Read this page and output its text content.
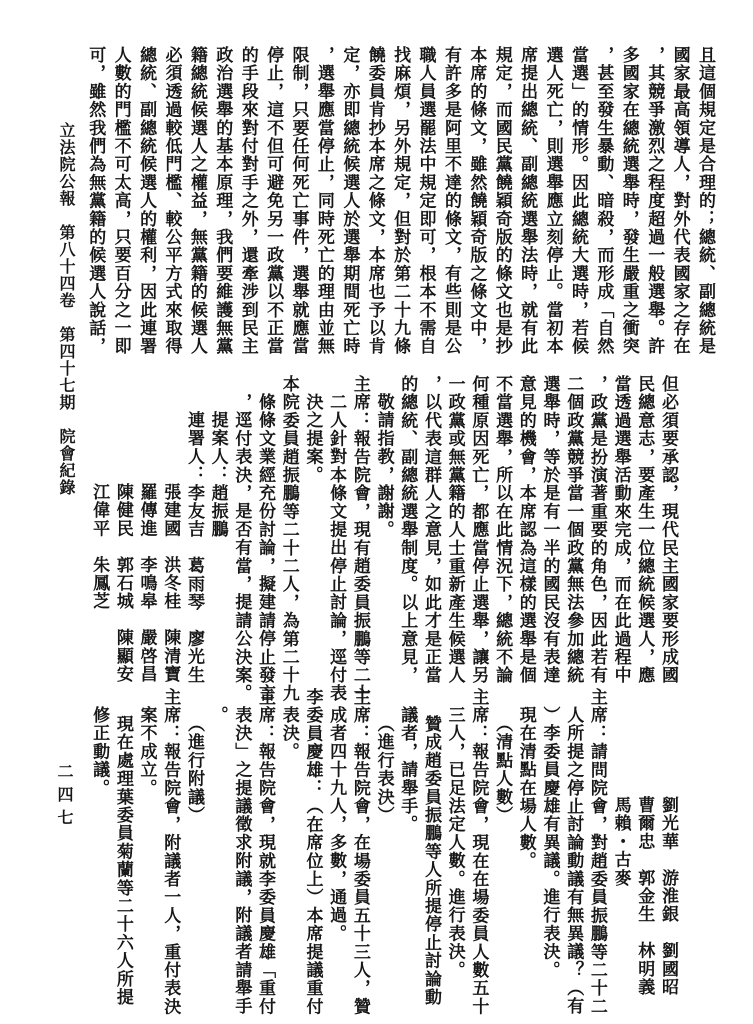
立法院公報　第八十四卷　第四十七期　院會紀錄
二四七

且這個規定是合理的；總統、副總統是

國家最高領導人，對外代表國家之存在

，其競爭激烈之程度超過一般選舉。許

多國家在總統選舉時，發生嚴重之衝突

，甚至發生暴動、暗殺，而形成「自然

當選」的情形。因此總統大選時，若候

選人死亡，則選舉應立刻停止。當初本

席提出總統、副總統選舉法時，就有此

規定，而國民黨饒穎奇版的條文也是抄

本席的條文，雖然饒穎奇版之條文中，

有許多是阿里不達的條文，有些則是公

職人員選罷法中規定即可，根本不需自

找麻煩，另外規定，但對於第二十九條

饒委員肯抄本席之條文，本席也予以肯

定，亦即總統候選人於選舉期間死亡時

，選舉應當停止，同時死亡的理由並無

限制，只要任何死亡事件，選舉就應當

停止，這不但可避免另一政黨以不正當

的手段來對付對手之外，還牽涉到民主

政治選舉的基本原理，我們要維護無黨

籍總統候選人之權益，無黨籍的候選人

必須透過較低門檻、較公平方式來取得

總統、副總統候選人的權利，因此連署

人數的門檻不可太高，只要百分之一即

可，雖然我們為無黨籍的候選人說話，

但必須要承認，現代民主國家要形成國

民總意志，要產生一位總統候選人，應

當透過選舉活動來完成，而在此過程中

，政黨是扮演著重要的角色，因此若有

二個政黨競爭當一個政黨無法參加總統

選舉時，等於是有一半的國民沒有表達

意見的機會，本席認為這樣的選舉是個

不當選舉，所以在此情況下，總統不論

何種原因死亡，都應當停止選舉，讓另

一政黨或無黨籍的人士重新產生候選人

，以代表這群人之意見，如此才是正當

的總統、副總統選舉制度。以上意見，

敬請指教，謝謝。

主席：報告院會，現有趙委員振鵬等二十

二人針對本條文提出停止討論，逕付表

決之提案。

本院委員趙振鵬等二十二人，為第二十九

條條文業經充份討論，擬建請停止發言

，逕付表決，是否有當，提請公決案。

提案人：趙振鵬

連署人：李友吉　葛雨琴　廖光生

張建國　洪冬桂　陳清寶

羅傳進　李鳴皋　嚴啓昌

陳健民　郭石城　陳顯安

江偉平　朱鳳芝

劉光華　游淮銀　劉國昭

曹爾忠　郭金生　林明義

馬賴・古麥

主席：請問院會，對趙委員振鵬等二十二

人所提之停止討論動議有無異議？（有

）李委員慶雄有異議。進行表決。

現在清點在場人數。

（清點人數）

主席：報告院會，現在在場委員人數五十

三人，已足法定人數。進行表決。

贊成趙委員振鵬等人所提停止討論動

議者，請舉手。

（進行表決）

主席：報告院會，在場委員五十三人，贊

成者四十九人，多數，通過。

李委員慶雄：（在席位上）本席提議重付

表決。

主席：報告院會，現就李委員慶雄「重付

表決」之提議徵求附議，附議者請舉手

。

（進行附議）

主席：報告院會，附議者一人，重付表決

案不成立。

現在處理葉委員菊蘭等二十六人所提

修正動議。
